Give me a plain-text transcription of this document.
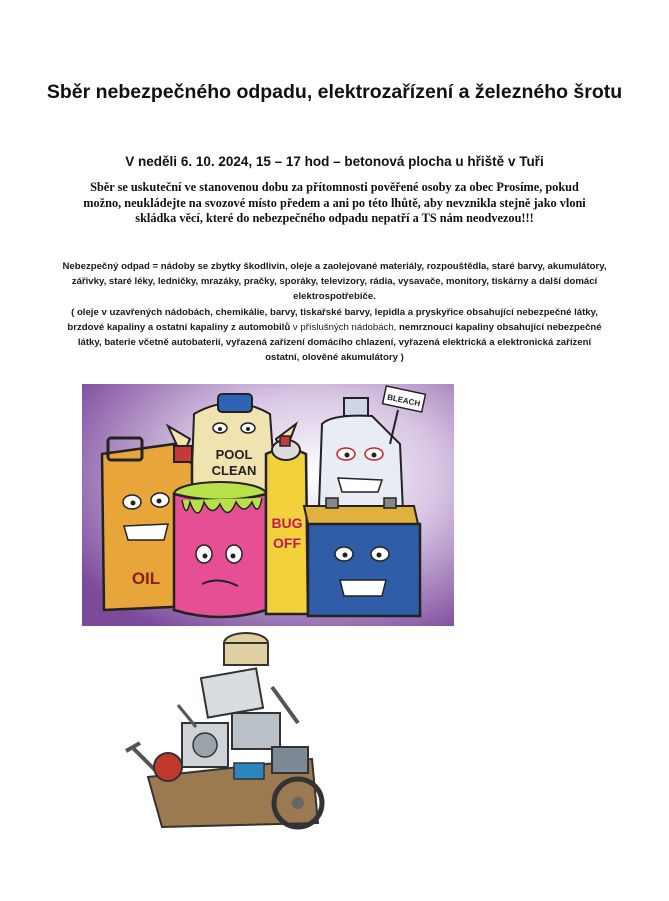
Sběr nebezpečného odpadu, elektrozařízení a železného šrotu

V neděli 6. 10. 2024, 15 – 17 hod – betonová plocha u hřiště v Tuři

Sběr se uskuteční ve stanovenou dobu za přítomnosti pověřené osoby za obec Prosíme, pokud možno, neukládejte na svozové místo předem a ani po této lhůtě, aby nevznikla stejně jako vloni skládka věcí, které do nebezpečného odpadu nepatří a TS nám neodvezou!!!

Nebezpečný odpad = nádoby se zbytky škodlivin, oleje a zaolejované materiály, rozpouštědla, staré barvy, akumulátory, zářivky, staré léky, ledničky, mrazáky, pračky, sporáky, televizory, rádia, vysavače, monitory, tiskárny a další domácí elektrospotřebiče.
( oleje v uzavřených nádobách, chemikálie, barvy, tiskařské barvy, lepidla a pryskyřice obsahující nebezpečné látky, brzdové kapaliny a ostatní kapaliny z automobilů v příslušných nádobách, nemrznoucí kapaliny obsahující nebezpečné látky, baterie včetně autobaterií, vyřazená zařízení domácího chlazení, vyřazená elektrická a elektronická zařízení ostatní, olověné akumulátory )

POOL
CLEAN
BLEACH
OIL
BUG
OFF
